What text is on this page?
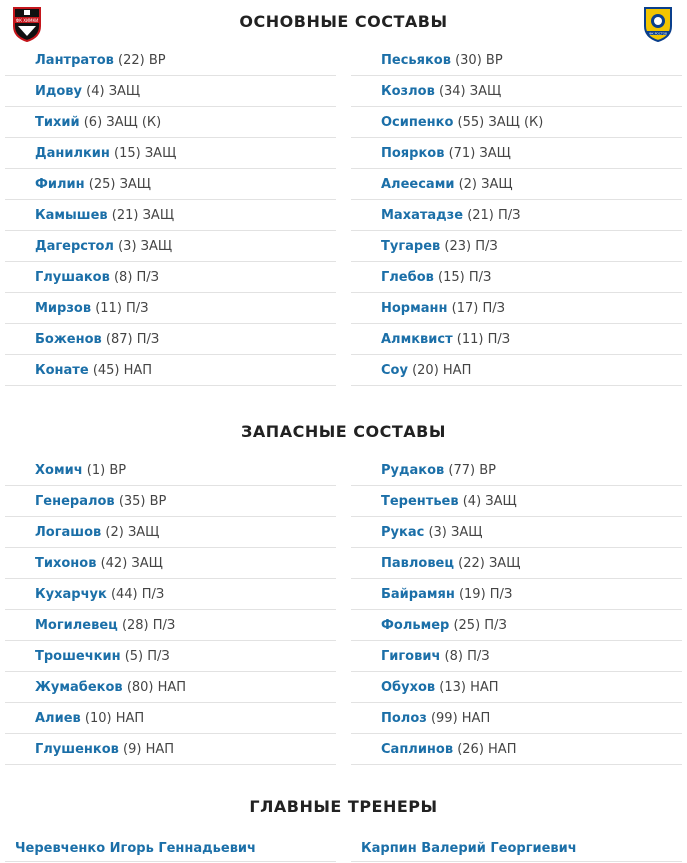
ФК ХИМКИ
ФК РОСТОВ
ОСНОВНЫЕ СОСТАВЫ
ЗАПАСНЫЕ СОСТАВЫ
ГЛАВНЫЕ ТРЕНЕРЫ
Лантратов (22) ВР
Идову (4) ЗАЩ
Тихий (6) ЗАЩ (К)
Данилкин (15) ЗАЩ
Филин (25) ЗАЩ
Камышев (21) ЗАЩ
Дагерстол (3) ЗАЩ
Глушаков (8) П/З
Мирзов (11) П/З
Боженов (87) П/З
Конате (45) НАП
Песьяков (30) ВР
Козлов (34) ЗАЩ
Осипенко (55) ЗАЩ (К)
Поярков (71) ЗАЩ
Алеесами (2) ЗАЩ
Махатадзе (21) П/З
Тугарев (23) П/З
Глебов (15) П/З
Норманн (17) П/З
Алмквист (11) П/З
Соу (20) НАП
Хомич (1) ВР
Генералов (35) ВР
Логашов (2) ЗАЩ
Тихонов (42) ЗАЩ
Кухарчук (44) П/З
Могилевец (28) П/З
Трошечкин (5) П/З
Жумабеков (80) НАП
Алиев (10) НАП
Глушенков (9) НАП
Рудаков (77) ВР
Терентьев (4) ЗАЩ
Рукас (3) ЗАЩ
Павловец (22) ЗАЩ
Байрамян (19) П/З
Фольмер (25) П/З
Гигович (8) П/З
Обухов (13) НАП
Полоз (99) НАП
Саплинов (26) НАП
Черевченко Игорь Геннадьевич	Карпин Валерий Георгиевич
